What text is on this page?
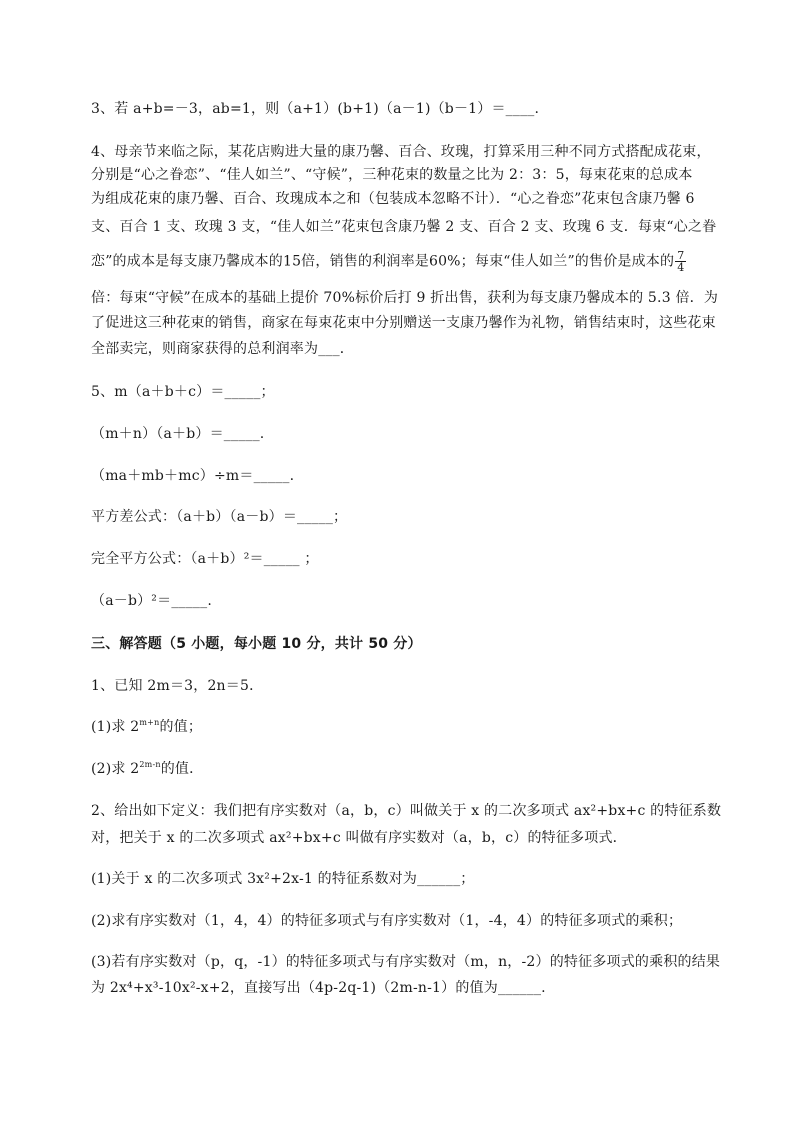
3、若 a+b=－3，ab=1，则（a+1）(b+1)（a－1)（b－1）＝____.
4、母亲节来临之际，某花店购进大量的康乃馨、百合、玫瑰，打算采用三种不同方式搭配成花束，
分别是“心之眷恋”、“佳人如兰”、“守候”，三种花束的数量之比为 2：3：5，每束花束的总成本
为组成花束的康乃馨、百合、玫瑰成本之和（包装成本忽略不计）．“心之眷恋”花束包含康乃馨 6
支、百合 1 支、玫瑰 3 支，“佳人如兰”花束包含康乃馨 2 支、百合 2 支、玫瑰 6 支．每束“心之眷
恋”的成本是每支康乃馨成本的15倍，销售的利润率是60%；每束“佳人如兰”的售价是成本的 $\frac{7}{4}$
倍：每束“守候”在成本的基础上提价 70%标价后打 9 折出售，获利为每支康乃馨成本的 5.3 倍．为
了促进这三种花束的销售，商家在每束花束中分别赠送一支康乃馨作为礼物，销售结束时，这些花束
全部卖完，则商家获得的总利润率为___．
5、m（a＋b＋c）＝_____；
（m＋n）（a＋b）＝_____.
（ma＋mb＋mc）÷m＝_____.
平方差公式：（a＋b）（a－b）＝_____；
完全平方公式：（a＋b）²＝_____ ；
（a－b）²＝_____.
三、解答题（5 小题，每小题 10 分，共计 50 分）
1、已知 2m＝3，2n＝5．
(1)求 $2^{m+n}$的值；
(2)求 $2^{2m-n}$的值．
2、给出如下定义：我们把有序实数对（a，b，c）叫做关于 x 的二次多项式 ax²+bx+c 的特征系数
对，把关于 x 的二次多项式 ax²+bx+c 叫做有序实数对（a，b，c）的特征多项式．
(1)关于 x 的二次多项式 3x²+2x-1 的特征系数对为______；
(2)求有序实数对（1，4，4）的特征多项式与有序实数对（1，-4，4）的特征多项式的乘积；
(3)若有序实数对（p，q，-1）的特征多项式与有序实数对（m，n，-2）的特征多项式的乘积的结果
为 2x⁴+x³-10x²-x+2，直接写出（4p-2q-1)（2m-n-1）的值为______.
